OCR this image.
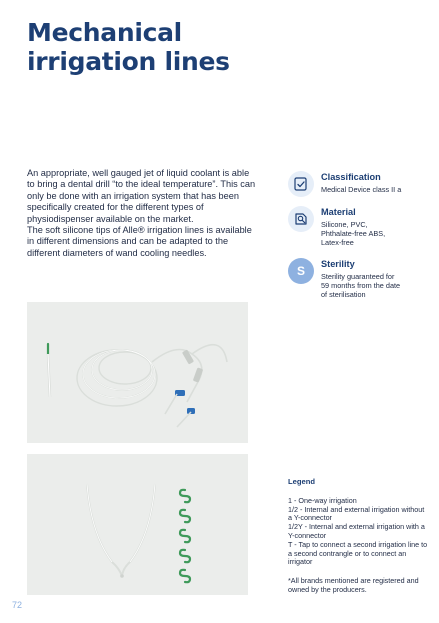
Mechanical
irrigation lines

An appropriate, well gauged jet of liquid coolant is able to bring a dental drill “to the ideal temperature”. This can only be done with an irrigation system that has been specifically created for the different types of physiodispenser available on the market.

The soft silicone tips of Alle® irrigation lines is available in different dimensions and can be adapted to the different diameters of wand cooling needles.

Classification
Medical Device class II a
Material
Silicone, PVC,
Phthalate-free ABS,
Latex-free
S	Sterility
Sterility guaranteed for
59 months from the date
of sterilisation
Legend

1 - One-way irrigation

1/2 - Internal and external irrigation without a Y-connector

1/2Y - Internal and external irrigation with a Y-connector

T - Tap to connect a second irrigation line to a second contrangle or to connect an irrigator

*All brands mentioned are registered and owned by the producers.

72
